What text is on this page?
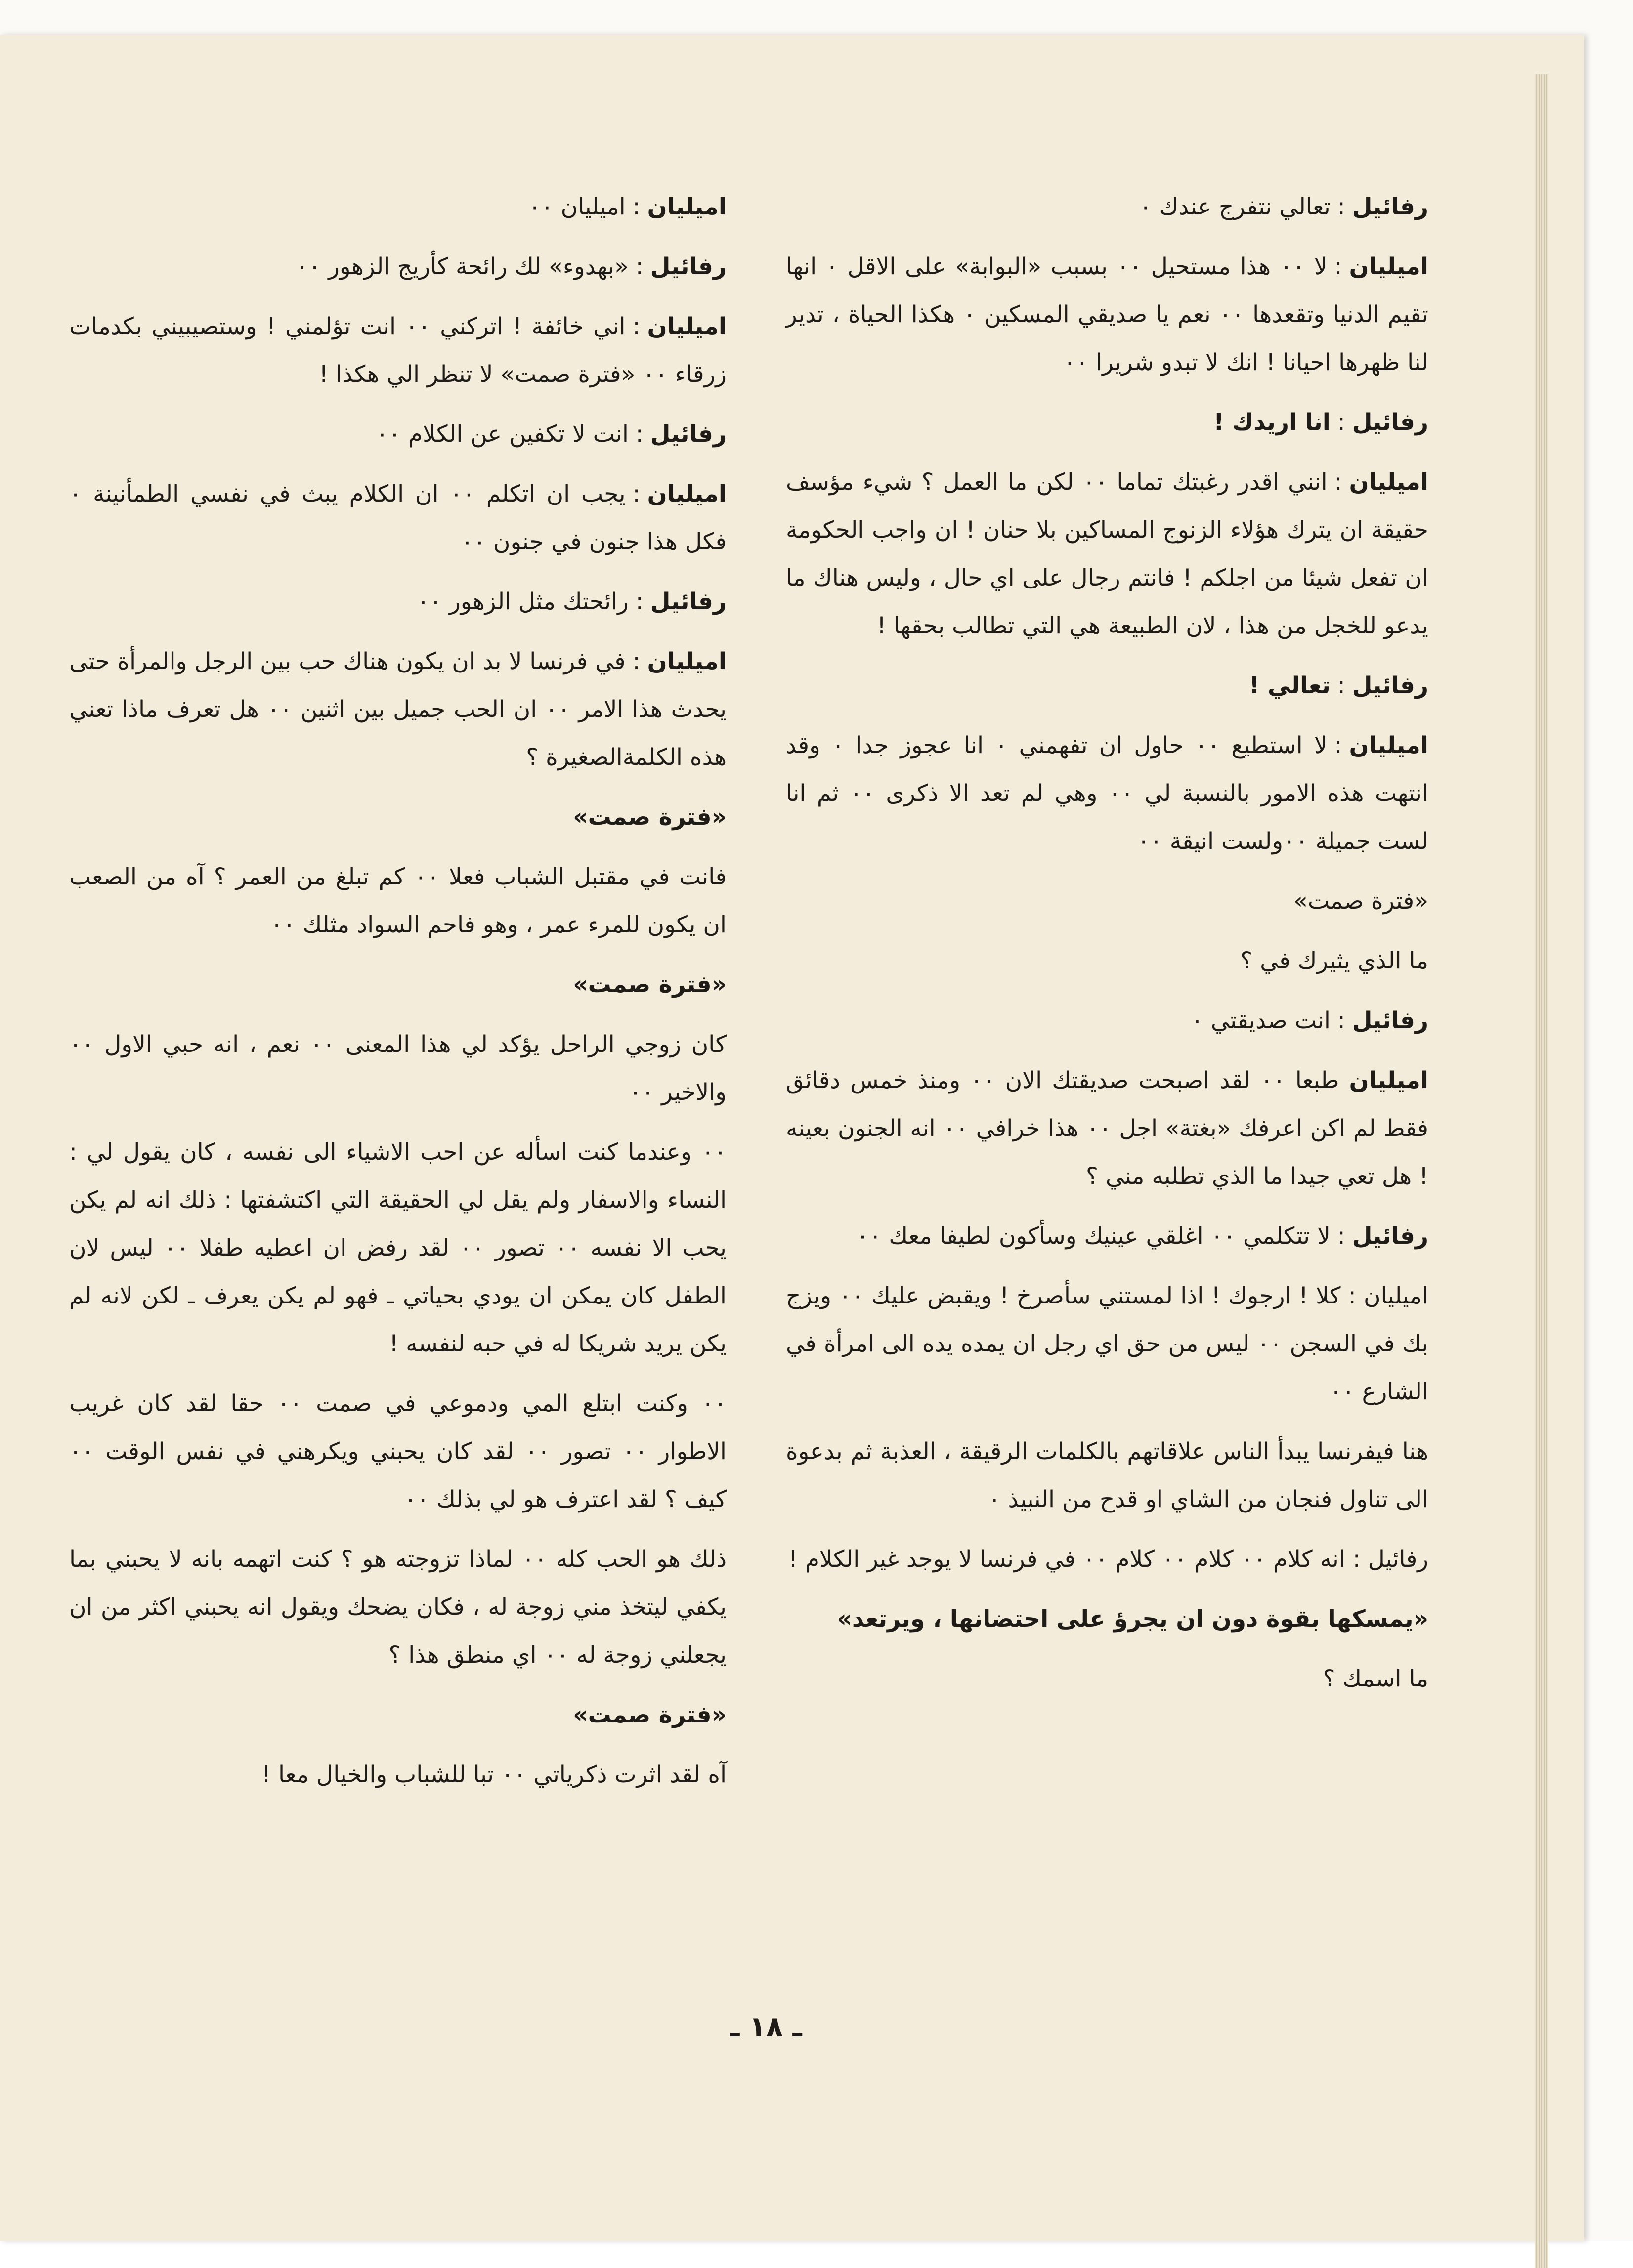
رفائيل:تعالي نتفرج عندك ٠

اميليان:لا ٠٠ هذا مستحيل ٠٠ بسبب «البوابة» على الاقل ٠ انها تقيم الدنيا وتقعدها ٠٠ نعم يا صديقي المسكين ٠ هكذا الحياة ، تدير لنا ظهرها احيانا ! انك لا تبدو شريرا ٠٠

رفائيل:انا اريدك !

اميليان:انني اقدر رغبتك تماما ٠٠ لكن ما العمل ؟ شيء مؤسف حقيقة ان يترك هؤلاء الزنوج المساكين بلا حنان ! ان واجب الحكومة ان تفعل شيئا من اجلكم ! فانتم رجال على اي حال ، وليس هناك ما يدعو للخجل من هذا ، لان الطبيعة هي التي تطالب بحقها !

رفائيل:تعالي !

اميليان:لا استطيع ٠٠ حاول ان تفهمني ٠ انا عجوز جدا ٠ وقد انتهت هذه الامور بالنسبة لي ٠٠ وهي لم تعد الا ذكرى ٠٠ ثم انا لست جميلة ٠٠ولست انيقة ٠٠

«فترة صمت»

ما الذي يثيرك في ؟

رفائيل:انت صديقتي ٠

اميليان طبعا ٠٠ لقد اصبحت صديقتك الان ٠٠ ومنذ خمس دقائق فقط لم اكن اعرفك «بغتة» اجل ٠٠ هذا خرافي ٠٠ انه الجنون بعينه ! هل تعي جيدا ما الذي تطلبه مني ؟

رفائيل:لا تتكلمي ٠٠ اغلقي عينيك وسأكون لطيفا معك ٠٠

اميليان : كلا ! ارجوك ! اذا لمستني سأصرخ ! ويقبض عليك ٠٠ ويزج بك في السجن ٠٠ ليس من حق اي رجل ان يمده يده الى امرأة في الشارع ٠٠

هنا فيفرنسا يبدأ الناس علاقاتهم بالكلمات الرقيقة ، العذبة ثم بدعوة الى تناول فنجان من الشاي او قدح من النبيذ ٠

رفائيل : انه كلام ٠٠ كلام ٠٠ كلام ٠٠ في فرنسا لا يوجد غير الكلام !

«يمسكها بقوة دون ان يجرؤ على احتضانها ، ويرتعد»

ما اسمك ؟

اميليان:اميليان ٠٠

رفائيل:«بهدوء» لك رائحة كأريج الزهور ٠٠

اميليان:اني خائفة ! اتركني ٠٠ انت تؤلمني ! وستصيبيني بكدمات زرقاء ٠٠ «فترة صمت» لا تنظر الي هكذا !

رفائيل:انت لا تكفين عن الكلام ٠٠

اميليان:يجب ان اتكلم ٠٠ ان الكلام يبث في نفسي الطمأنينة ٠ فكل هذا جنون في جنون ٠٠

رفائيل:رائحتك مثل الزهور ٠٠

اميليان:في فرنسا لا بد ان يكون هناك حب بين الرجل والمرأة حتى يحدث هذا الامر ٠٠ ان الحب جميل بين اثنين ٠٠ هل تعرف ماذا تعني هذه الكلمةالصغيرة ؟

«فترة صمت»

فانت في مقتبل الشباب فعلا ٠٠ كم تبلغ من العمر ؟ آه من الصعب ان يكون للمرء عمر ، وهو فاحم السواد مثلك ٠٠

«فترة صمت»

كان زوجي الراحل يؤكد لي هذا المعنى ٠٠ نعم ، انه حبي الاول ٠٠ والاخير ٠٠

٠٠ وعندما كنت اسأله عن احب الاشياء الى نفسه ، كان يقول لي : النساء والاسفار ولم يقل لي الحقيقة التي اكتشفتها : ذلك انه لم يكن يحب الا نفسه ٠٠ تصور ٠٠ لقد رفض ان اعطيه طفلا ٠٠ ليس لان الطفل كان يمكن ان يودي بحياتي ـ فهو لم يكن يعرف ـ لكن لانه لم يكن يريد شريكا له في حبه لنفسه !

٠٠ وكنت ابتلع المي ودموعي في صمت ٠٠ حقا لقد كان غريب الاطوار ٠٠ تصور ٠٠ لقد كان يحبني ويكرهني في نفس الوقت ٠٠ كيف ؟ لقد اعترف هو لي بذلك ٠٠

ذلك هو الحب كله ٠٠ لماذا تزوجته هو ؟ كنت اتهمه بانه لا يحبني بما يكفي ليتخذ مني زوجة له ، فكان يضحك ويقول انه يحبني اكثر من ان يجعلني زوجة له ٠٠ اي منطق هذا ؟

«فترة صمت»

آه لقد اثرت ذكرياتي ٠٠ تبا للشباب والخيال معا !

ـ ١٨ ـ
